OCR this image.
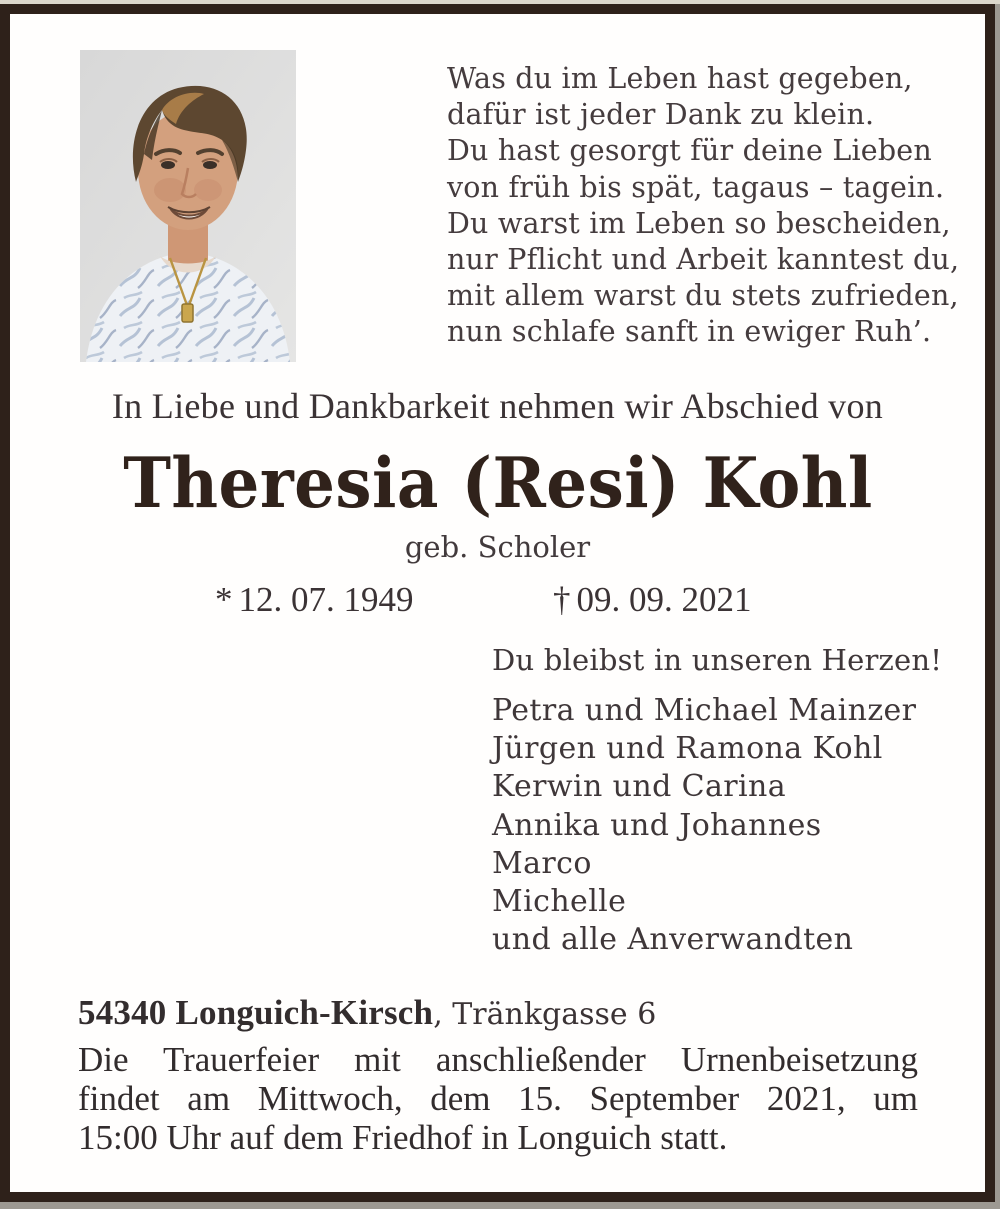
Was du im Leben hast gegeben,
dafür ist jeder Dank zu klein.
Du hast gesorgt für deine Lieben
von früh bis spät, tagaus – tagein.
Du warst im Leben so bescheiden,
nur Pflicht und Arbeit kanntest du,
mit allem warst du stets zufrieden,
nun schlafe sanft in ewiger Ruh’.
In Liebe und Dankbarkeit nehmen wir Abschied von
Theresia (Resi) Kohl
geb. Scholer
*12. 07. 1949	†09. 09. 2021
Du bleibst in unseren Herzen!
Petra und Michael Mainzer
Jürgen und Ramona Kohl
Kerwin und Carina
Annika und Johannes
Marco
Michelle
und alle Anverwandten
54340 Longuich-Kirsch, Tränkgasse 6
Die Trauerfeier mit anschließender Urnenbeisetzung
findet am Mittwoch, dem 15. September 2021, um
15:00 Uhr auf dem Friedhof in Longuich statt.
